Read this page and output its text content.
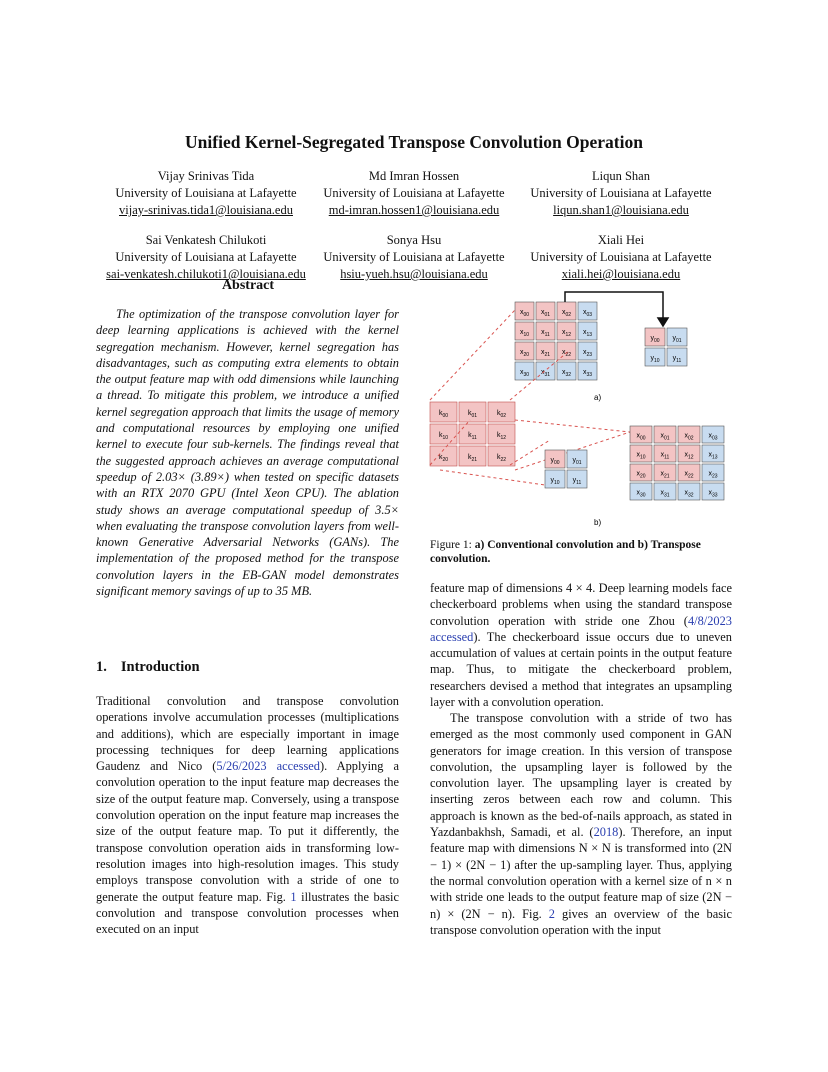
Unified Kernel-Segregated Transpose Convolution Operation
Vijay Srinivas Tida
University of Louisiana at Lafayette
vijay-srinivas.tida1@louisiana.edu
Md Imran Hossen
University of Louisiana at Lafayette
md-imran.hossen1@louisiana.edu
Liqun Shan
University of Louisiana at Lafayette
liqun.shan1@louisiana.edu
Sai Venkatesh Chilukoti
University of Louisiana at Lafayette
sai-venkatesh.chilukoti1@louisiana.edu
Sonya Hsu
University of Louisiana at Lafayette
hsiu-yueh.hsu@louisiana.edu
Xiali Hei
University of Louisiana at Lafayette
xiali.hei@louisiana.edu
Abstract
The optimization of the transpose convolution layer for deep learning applications is achieved with the kernel segregation mechanism. However, kernel segregation has disadvantages, such as computing extra elements to obtain the output feature map with odd dimensions while launching a thread. To mitigate this problem, we introduce a unified kernel segregation approach that limits the usage of memory and computational resources by employing one unified kernel to execute four sub-kernels. The findings reveal that the suggested approach achieves an average computational speedup of 2.03× (3.89×) when tested on specific datasets with an RTX 2070 GPU (Intel Xeon CPU). The ablation study shows an average computational speedup of 3.5× when evaluating the transpose convolution layers from well-known Generative Adversarial Networks (GANs). The implementation of the proposed method for the transpose convolution layers in the EB-GAN model demonstrates significant memory savings of up to 35 MB.
1. Introduction
Traditional convolution and transpose convolution operations involve accumulation processes (multiplications and additions), which are especially important in image processing techniques for deep learning applications Gaudenz and Nico (5/26/2023 accessed). Applying a convolution operation to the input feature map decreases the size of the output feature map. Conversely, using a transpose convolution operation on the input feature map increases the size of the output feature map. To put it differently, the transpose convolution operation aids in transforming low-resolution images into high-resolution images. This study employs transpose convolution with a stride of one to generate the output feature map. Fig. 1 illustrates the basic convolution and transpose convolution processes when executed on an input
$x_{00}$ $x_{01}$ $x_{02}$ $x_{03}$
$x_{10}$ $x_{11}$ $x_{12}$ $x_{13}$
$x_{20}$ $x_{21}$ $x_{22}$ $x_{23}$
$x_{30}$ $x_{31}$ $x_{32}$ $x_{33}$
$k_{00}$	$k_{01}$	$k_{02}$
$k_{10}$	$k_{11}$	$k_{12}$
$k_{20}$	$k_{21}$	$k_{22}$
$y_{00}$ $y_{01}$
$y_{10}$ $y_{11}$
a)
$y_{00}$ $y_{01}$
$y_{10}$ $y_{11}$
$x_{00}$ $x_{01}$ $x_{02}$ $x_{03}$
$x_{10}$ $x_{11}$ $x_{12}$ $x_{13}$
$x_{20}$ $x_{21}$ $x_{22}$ $x_{23}$
$x_{30}$ $x_{31}$ $x_{32}$ $x_{33}$
b)
Figure 1: a) Conventional convolution and b) Transpose convolution.
feature map of dimensions 4 × 4. Deep learning models face checkerboard problems when using the standard transpose convolution operation with stride one Zhou (4/8/2023 accessed). The checkerboard issue occurs due to uneven accumulation of values at certain points in the output feature map. Thus, to mitigate the checkerboard problem, researchers devised a method that integrates an upsampling layer with a convolution operation.
The transpose convolution with a stride of two has emerged as the most commonly used component in GAN generators for image creation. In this version of transpose convolution, the upsampling layer is followed by the convolution layer. The upsampling layer is created by inserting zeros between each row and column. This approach is known as the bed-of-nails approach, as stated in Yazdanbakhsh, Samadi, et al. (2018). Therefore, an input feature map with dimensions N × N is transformed into (2N − 1) × (2N − 1) after the up-sampling layer. Thus, applying the normal convolution operation with a kernel size of n × n with stride one leads to the output feature map of size (2N − n) × (2N − n). Fig. 2 gives an overview of the basic transpose convolution operation with the input
